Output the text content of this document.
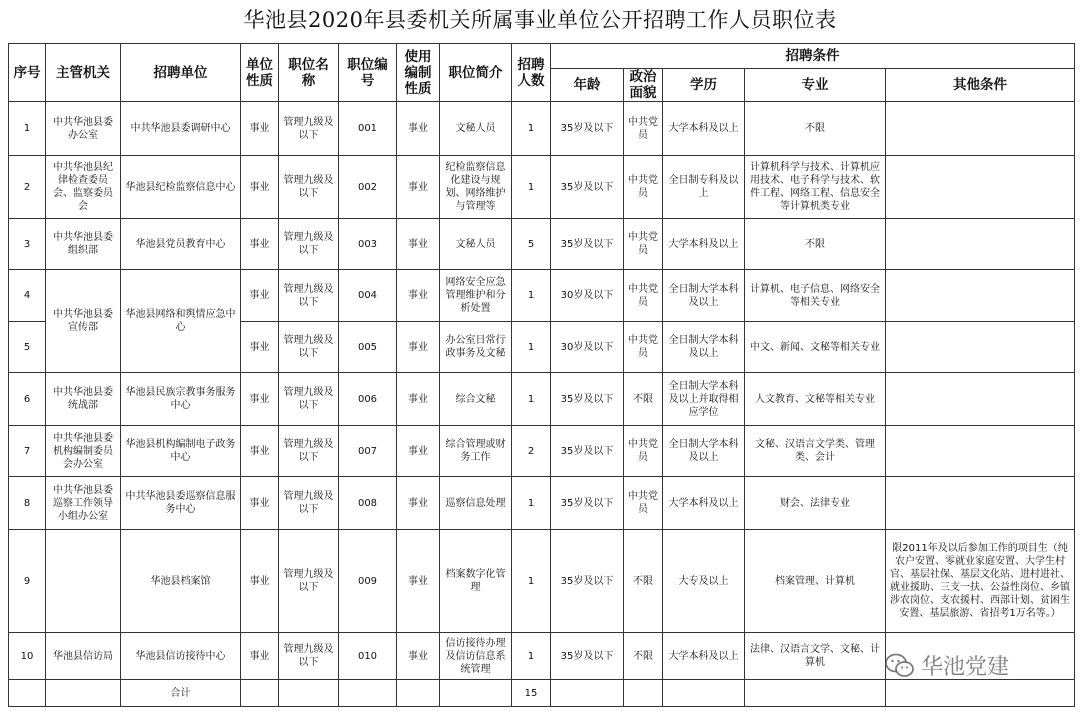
华池县2020年县委机关所属事业单位公开招聘工作人员职位表
序号	主管机关	招聘单位	单位性质	职位名称	职位编号	使用编制性质	职位简介	招聘人数	招聘条件				
									年龄	政治面貌	学历	专业	其他条件
1	中共华池县委办公室	中共华池县委调研中心	事业	管理九级及以下	001	事业	文秘人员	1	35岁及以下	中共党员	大学本科及以上	不限	
2	中共华池县纪律检查委员会、监察委员会	华池县纪检监察信息中心	事业	管理九级及以下	002	事业	纪检监察信息化建设与规划、网络维护与管理等	1	35岁及以下	中共党员	全日制专科及以上	计算机科学与技术、计算机应用技术、电子科学与技术、软件工程、网络工程、信息安全等计算机类专业	
3	中共华池县委组织部	华池县党员教育中心	事业	管理九级及以下	003	事业	文秘人员	5	35岁及以下	中共党员	大学本科及以上	不限	
4	中共华池县委宣传部	华池县网络和舆情应急中心	事业	管理九级及以下	004	事业	网络安全应急管理维护和分析处置	1	30岁及以下	中共党员	全日制大学本科及以上	计算机、电子信息、网络安全等相关专业	
5			事业	管理九级及以下	005	事业	办公室日常行政事务及文秘	1	30岁及以下	中共党员	全日制大学本科及以上	中文、新闻、文秘等相关专业	
6	中共华池县委统战部	华池县民族宗教事务服务中心	事业	管理九级及以下	006	事业	综合文秘	1	35岁及以下	不限	全日制大学本科及以上并取得相应学位	人文教育、文秘等相关专业	
7	中共华池县委机构编制委员会办公室	华池县机构编制电子政务中心	事业	管理九级及以下	007	事业	综合管理或财务工作	2	35岁及以下	中共党员	全日制大学本科及以上	文秘、汉语言文学类、管理类、会计	
8	中共华池县委巡察工作领导小组办公室	中共华池县委巡察信息服务中心	事业	管理九级及以下	008	事业	巡察信息处理	1	35岁及以下	中共党员	大学本科及以上	财会、法律专业	
9		华池县档案馆	事业	管理九级及以下	009	事业	档案数字化管理	1	35岁及以下	不限	大专及以上	档案管理、计算机	限2011年及以后参加工作的项目生（纯农户安置、零就业家庭安置、大学生村官、基层社保、基层文化站、进村进社、就业援助、三支一扶、公益性岗位、乡镇涉农岗位、支农援村、西部计划、贫困生安置、基层旅游、省招考1万名等。）
10	华池县信访局	华池县信访接待中心	事业	管理九级及以下	010	事业	信访接待办理及信访信息系统管理	1	35岁及以下	不限	大学本科及以上	法律、汉语言文学、文秘、计算机	
		合计						15					
华池党建
